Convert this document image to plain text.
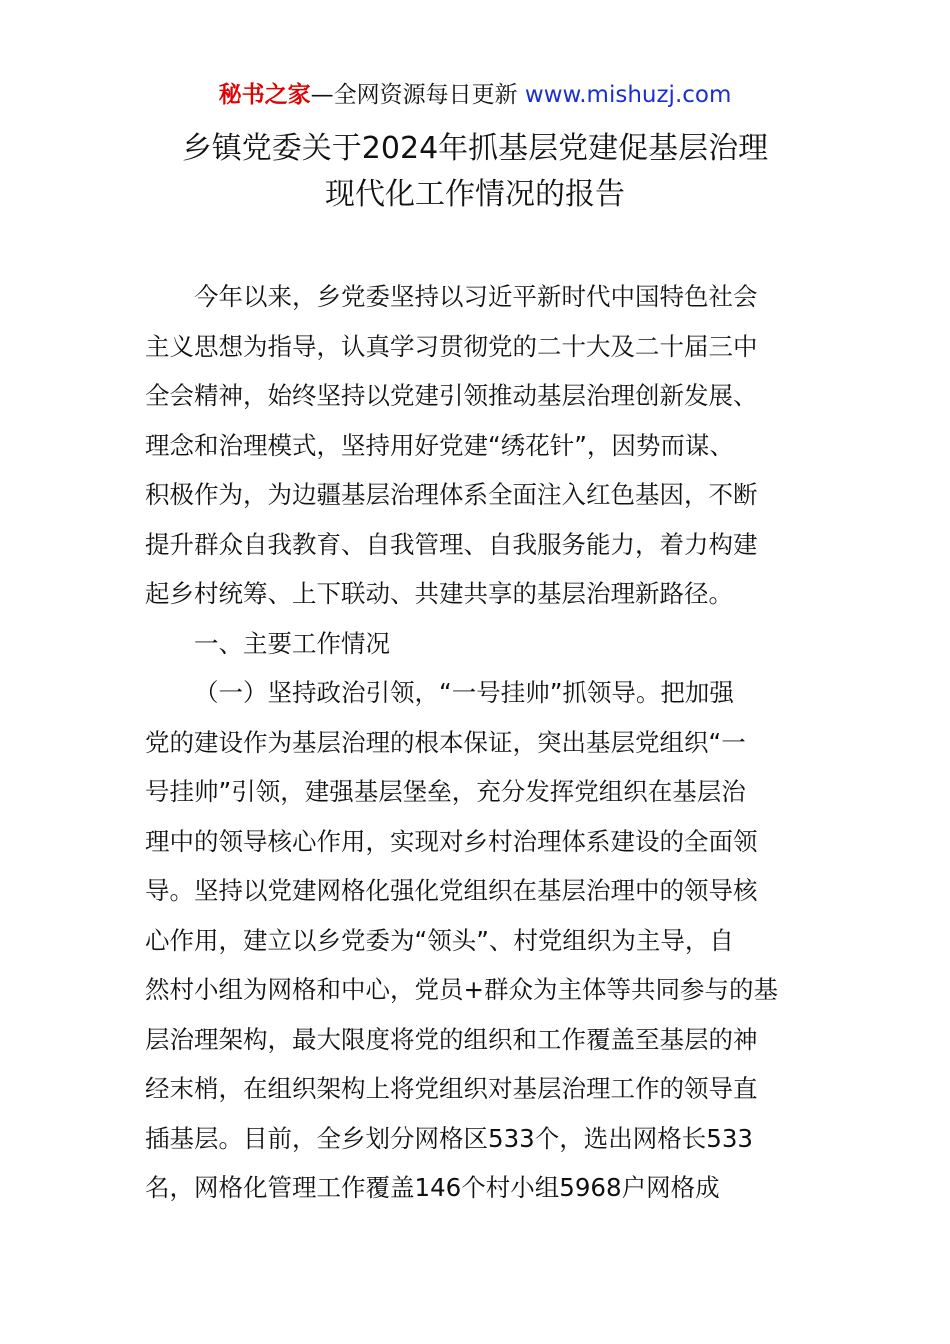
秘书之家—全网资源每日更新 www.mishuzj.com
乡镇党委关于2024年抓基层党建促基层治理
现代化工作情况的报告
今年以来，乡党委坚持以习近平新时代中国特色社会
主义思想为指导，认真学习贯彻党的二十大及二十届三中
全会精神，始终坚持以党建引领推动基层治理创新发展、
理念和治理模式，坚持用好党建“绣花针”，因势而谋、
积极作为，为边疆基层治理体系全面注入红色基因，不断
提升群众自我教育、自我管理、自我服务能力，着力构建
起乡村统筹、上下联动、共建共享的基层治理新路径。
一、主要工作情况
（一）坚持政治引领，“一号挂帅”抓领导。把加强
党的建设作为基层治理的根本保证，突出基层党组织“一
号挂帅”引领，建强基层堡垒，充分发挥党组织在基层治
理中的领导核心作用，实现对乡村治理体系建设的全面领
导。坚持以党建网格化强化党组织在基层治理中的领导核
心作用，建立以乡党委为“领头”、村党组织为主导，自
然村小组为网格和中心，党员+群众为主体等共同参与的基
层治理架构，最大限度将党的组织和工作覆盖至基层的神
经末梢，在组织架构上将党组织对基层治理工作的领导直
插基层。目前，全乡划分网格区533个，选出网格长533
名，网格化管理工作覆盖146个村小组5968户网格成
